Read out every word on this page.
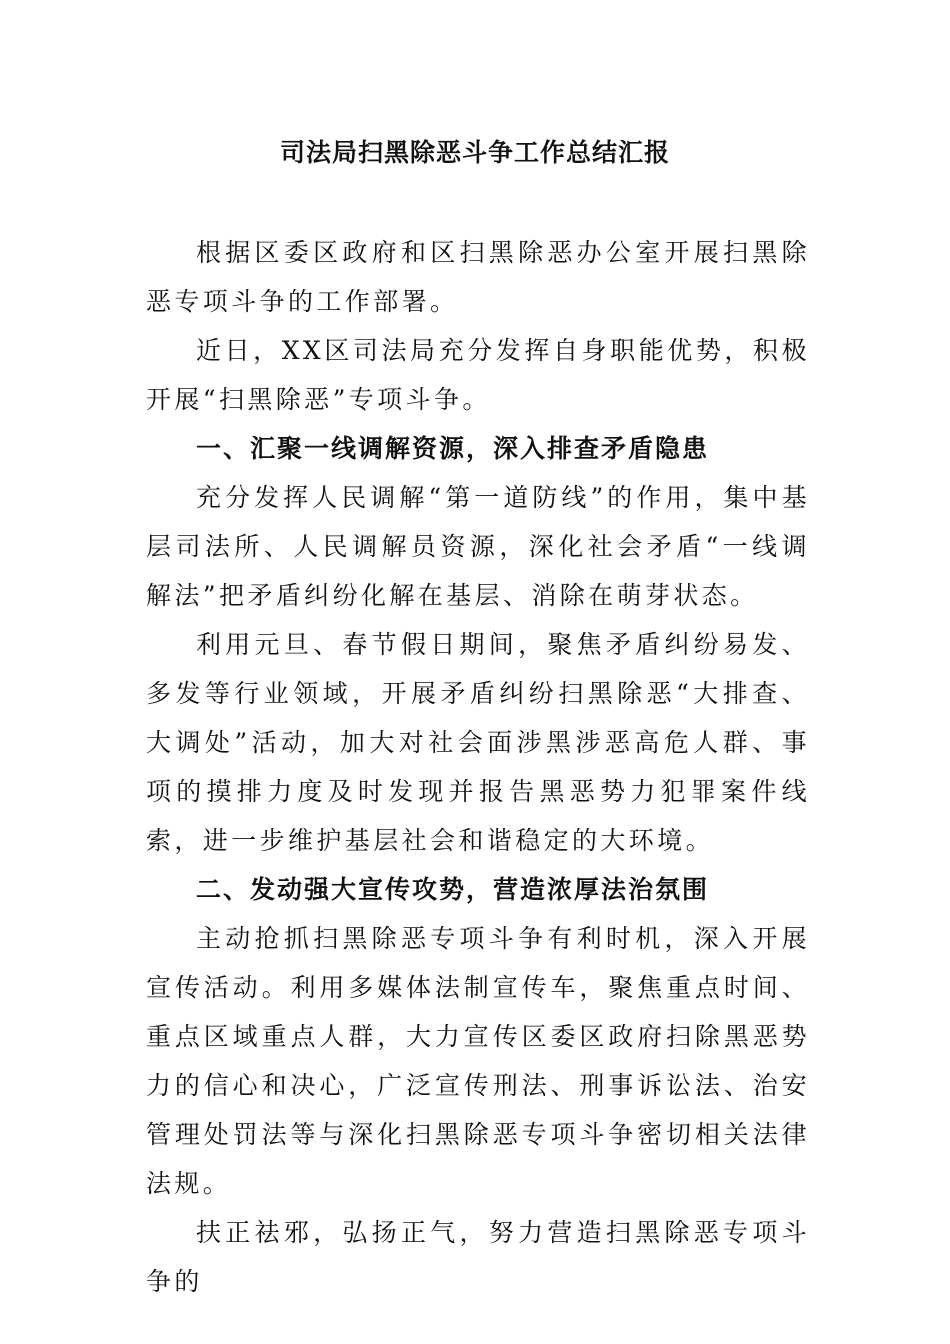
司法局扫黑除恶斗争工作总结汇报

根据区委区政府和区扫黑除恶办公室开展扫黑除恶专项斗争的工作部署。

近日，XX区司法局充分发挥自身职能优势，积极开展“扫黑除恶”专项斗争。

一、汇聚一线调解资源，深入排查矛盾隐患

充分发挥人民调解“第一道防线”的作用，集中基层司法所、人民调解员资源，深化社会矛盾“一线调解法”把矛盾纠纷化解在基层、消除在萌芽状态。

利用元旦、春节假日期间，聚焦矛盾纠纷易发、多发等行业领域，开展矛盾纠纷扫黑除恶“大排查、大调处”活动，加大对社会面涉黑涉恶高危人群、事项的摸排力度及时发现并报告黑恶势力犯罪案件线索，进一步维护基层社会和谐稳定的大环境。

二、发动强大宣传攻势，营造浓厚法治氛围

主动抢抓扫黑除恶专项斗争有利时机，深入开展宣传活动。利用多媒体法制宣传车，聚焦重点时间、重点区域重点人群，大力宣传区委区政府扫除黑恶势力的信心和决心，广泛宣传刑法、刑事诉讼法、治安管理处罚法等与深化扫黑除恶专项斗争密切相关法律法规。

扶正祛邪，弘扬正气，努力营造扫黑除恶专项斗争的
